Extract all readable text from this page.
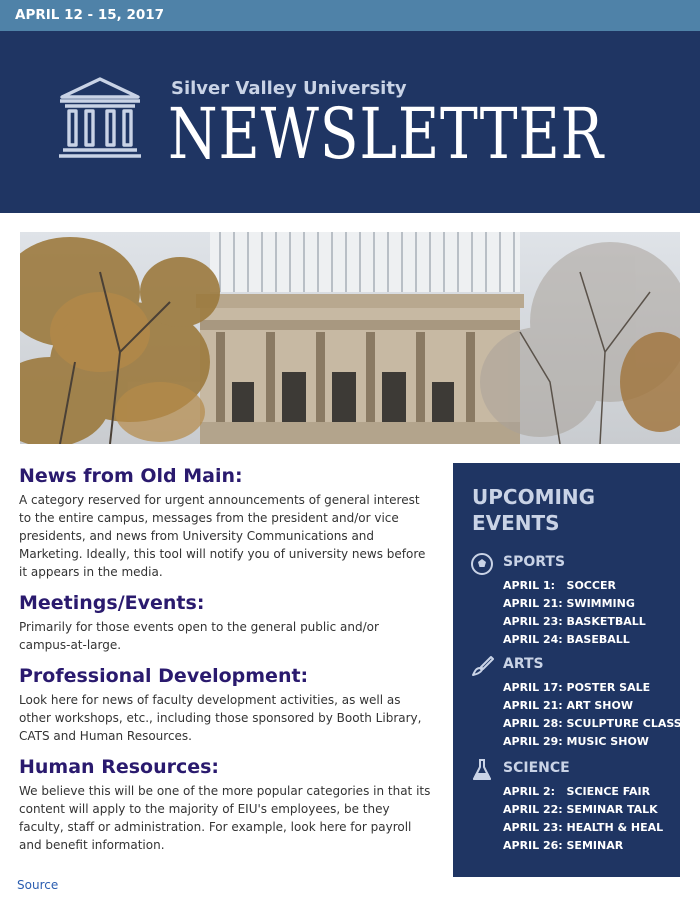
APRIL 12 - 15, 2017
Silver Valley University
NEWSLETTER
News from Old Main:
A category reserved for urgent announcements of general interest to the entire campus, messages from the president and/or vice presidents, and news from University Communications and Marketing. Ideally, this tool will notify you of university news before it appears in the media.
Meetings/Events:
Primarily for those events open to the general public and/or campus-at-large.
Professional Development:
Look here for news of faculty development activities, as well as other workshops, etc., including those sponsored by Booth Library, CATS and Human Resources.
Human Resources:
We believe this will be one of the more popular categories in that its content will apply to the majority of EIU's employees, be they faculty, staff or administration. For example, look here for payroll and benefit information.
Source
UPCOMING
EVENTS
SPORTS
APRIL 1:   SOCCER
APRIL 21: SWIMMING
APRIL 23: BASKETBALL
APRIL 24: BASEBALL
ARTS
APRIL 17: POSTER SALE
APRIL 21: ART SHOW
APRIL 28: SCULPTURE CLASS
APRIL 29: MUSIC SHOW
SCIENCE
APRIL 2:   SCIENCE FAIR
APRIL 22: SEMINAR TALK
APRIL 23: HEALTH & HEAL
APRIL 26: SEMINAR
